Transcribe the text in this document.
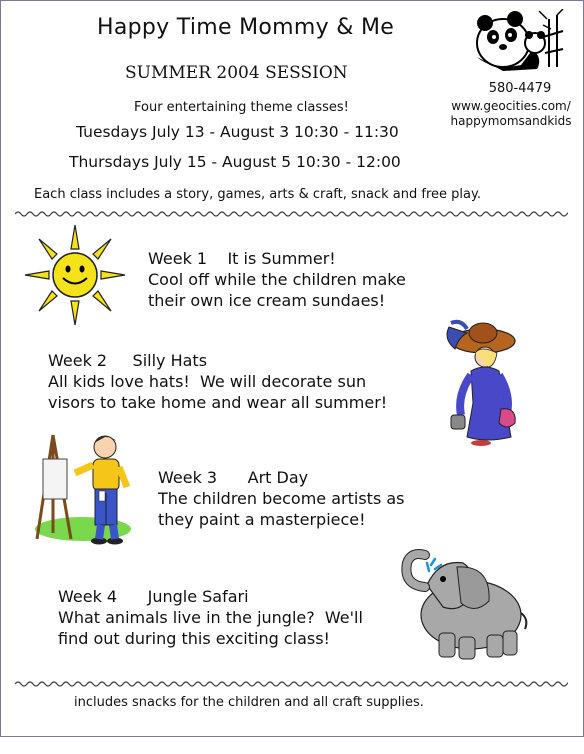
Happy Time Mommy & Me
SUMMER 2004 SESSION
Four entertaining theme classes!
Tuesdays July 13 - August 3 10:30 - 11:30
Thursdays July 15 - August 5 10:30 - 12:00
Each class includes a story, games, arts & craft, snack and free play.
580-4479
www.geocities.com/
happymomsandkids
Week 1    It is Summer!
Cool off while the children make
their own ice cream sundaes!
Week 2     Silly Hats
All kids love hats!  We will decorate sun
visors to take home and wear all summer!
Week 3      Art Day
The children become artists as
they paint a masterpiece!
Week 4      Jungle Safari
What animals live in the jungle?  We'll
find out during this exciting class!
includes snacks for the children and all craft supplies.
